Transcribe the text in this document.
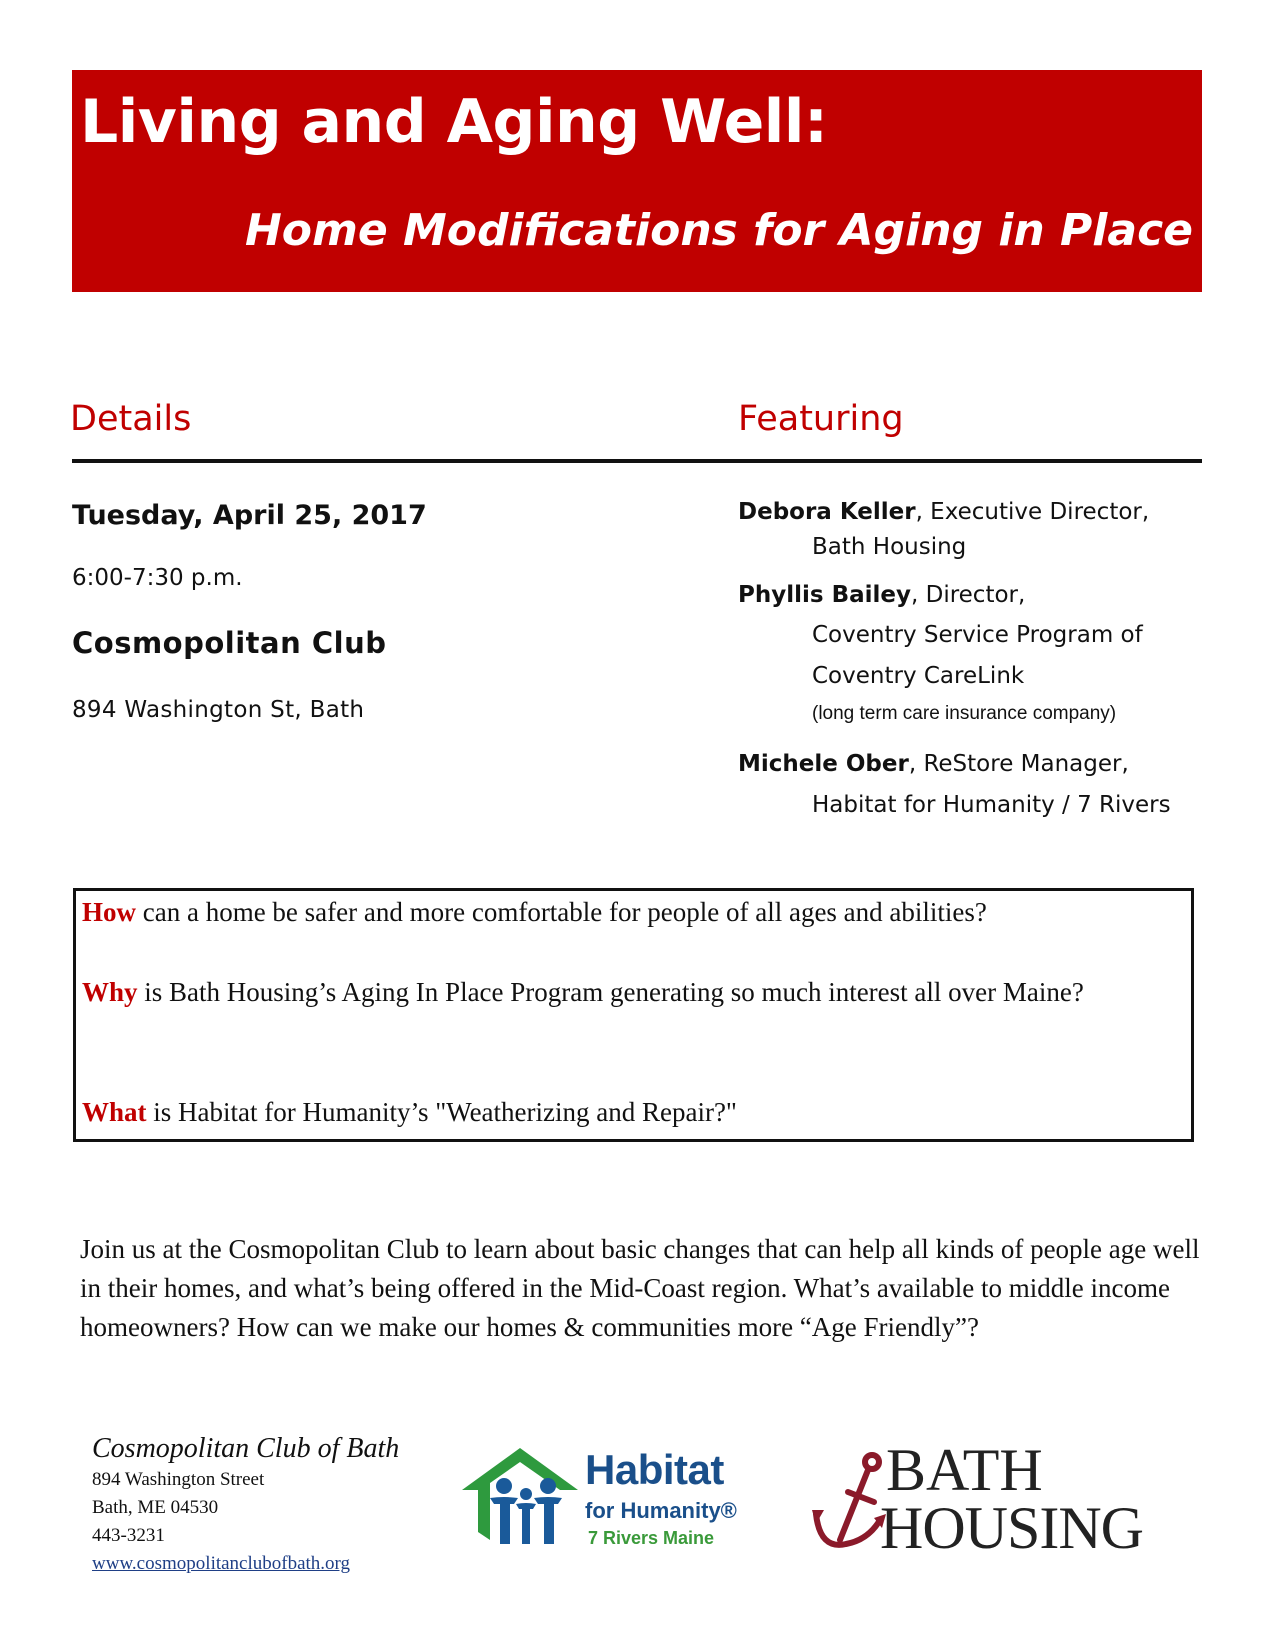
Living and Aging Well:
Home Modifications for Aging in Place
Details	Featuring
Tuesday, April 25, 2017
6:00-7:30 p.m.
Cosmopolitan Club
894 Washington St, Bath
Debora Keller, Executive Director,
Bath Housing
Phyllis Bailey, Director,
Coventry Service Program of
Coventry CareLink
(long term care insurance company)
Michele Ober, ReStore Manager,
Habitat for Humanity / 7 Rivers

How can a home be safer and more comfortable for people of all ages and abilities?

Why is Bath Housing’s Aging In Place Program generating so much interest all over Maine?

What is Habitat for Humanity’s "Weatherizing and Repair?"

Join us at the Cosmopolitan Club to learn about basic changes that can help all kinds of people age well in their homes, and what’s being offered in the Mid-Coast region. What’s available to middle income homeowners? How can we make our homes & communities more “Age Friendly”?

Cosmopolitan Club of Bath
894 Washington Street
Bath, ME 04530
443-3231
www.cosmopolitanclubofbath.org
Habitat
for Humanity®
7 Rivers Maine
BATH
HOUSING
